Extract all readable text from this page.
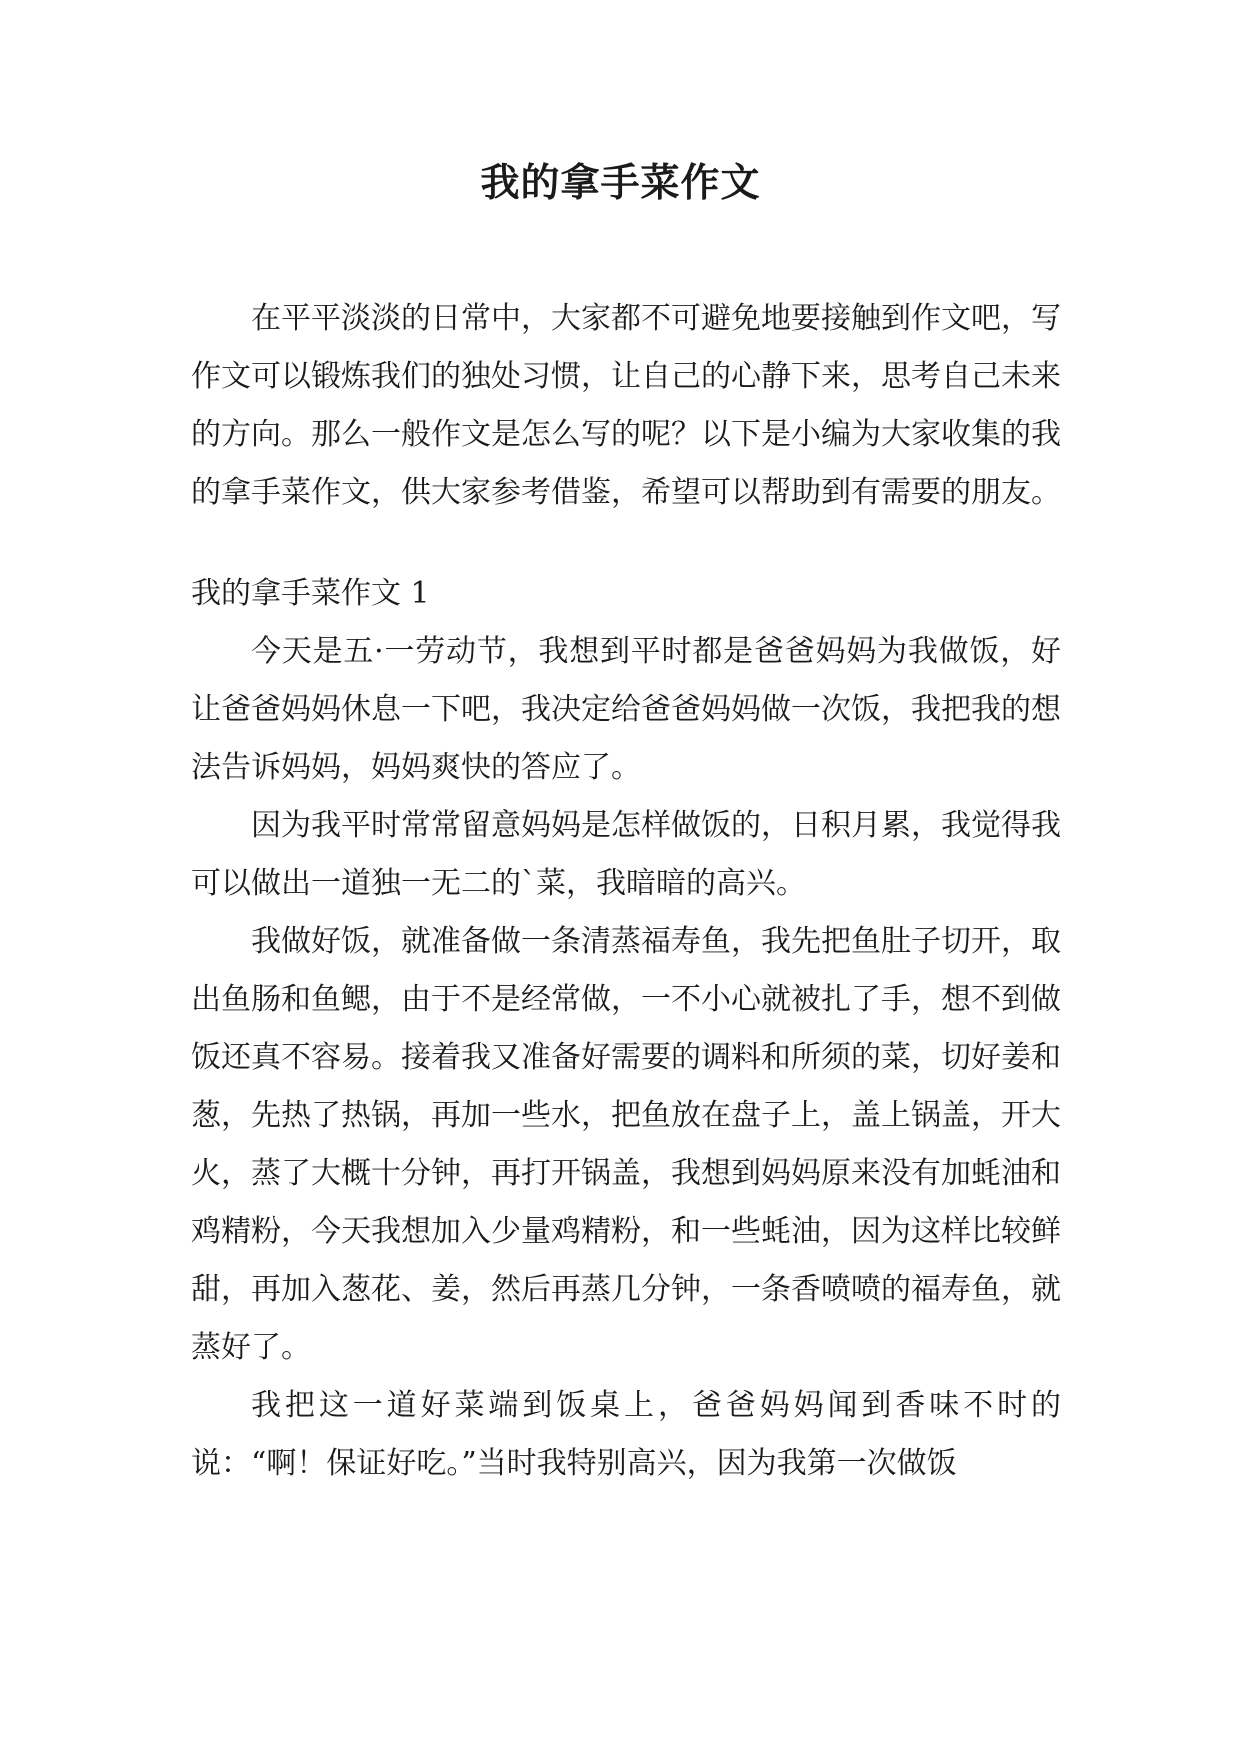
我的拿手菜作文

在平平淡淡的日常中，大家都不可避免地要接触到作文吧，写作文可以锻炼我们的独处习惯，让自己的心静下来，思考自己未来的方向。那么一般作文是怎么写的呢？以下是小编为大家收集的我的拿手菜作文，供大家参考借鉴，希望可以帮助到有需要的朋友。

我的拿手菜作文 1

今天是五·一劳动节，我想到平时都是爸爸妈妈为我做饭，好让爸爸妈妈休息一下吧，我决定给爸爸妈妈做一次饭，我把我的想法告诉妈妈，妈妈爽快的答应了。

因为我平时常常留意妈妈是怎样做饭的，日积月累，我觉得我可以做出一道独一无二的`菜，我暗暗的高兴。

我做好饭，就准备做一条清蒸福寿鱼，我先把鱼肚子切开，取出鱼肠和鱼鳃，由于不是经常做，一不小心就被扎了手，想不到做饭还真不容易。接着我又准备好需要的调料和所须的菜，切好姜和葱，先热了热锅，再加一些水，把鱼放在盘子上，盖上锅盖，开大火，蒸了大概十分钟，再打开锅盖，我想到妈妈原来没有加蚝油和鸡精粉，今天我想加入少量鸡精粉，和一些蚝油，因为这样比较鲜甜，再加入葱花、姜，然后再蒸几分钟，一条香喷喷的福寿鱼，就蒸好了。

我把这一道好菜端到饭桌上，爸爸妈妈闻到香味不时的说：“啊！保证好吃。”当时我特别高兴，因为我第一次做饭
